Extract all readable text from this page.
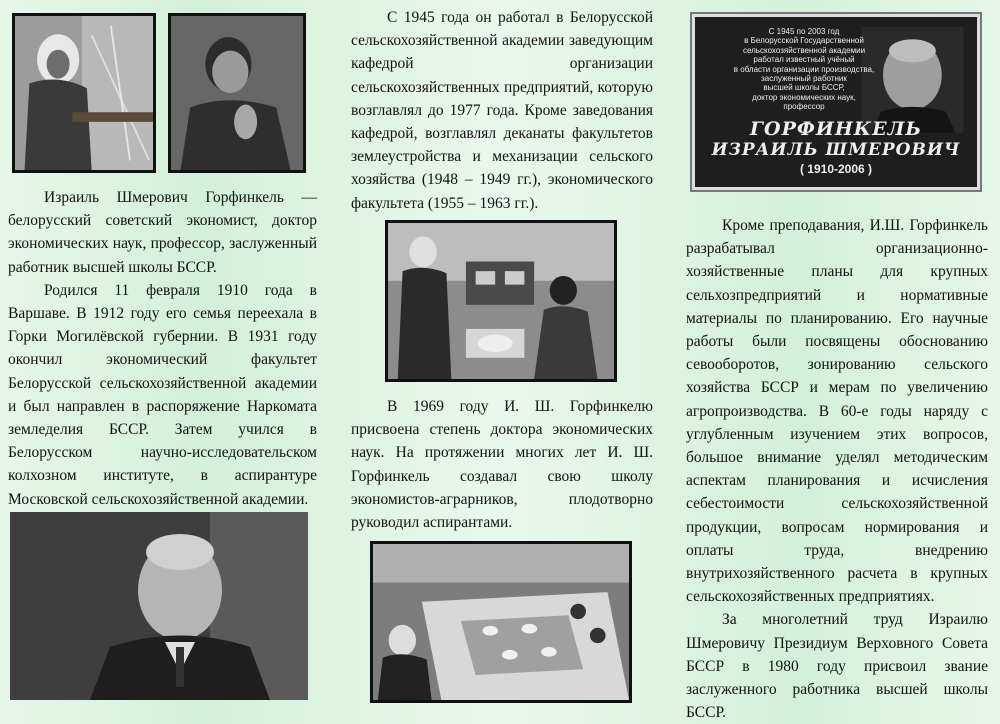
Израиль Шмерович Горфинкель — белорусский советский экономист, доктор экономических наук, профессор, заслуженный работник высшей школы БССР.

Родился 11 февраля 1910 года в Варшаве. В 1912 году его семья переехала в Горки Могилёвской губернии. В 1931 году окончил экономический факультет Белорусской сельскохозяйственной академии и был направлен в распоряжение Наркомата земледелия БССР. Затем учился в Белорусском научно-исследовательском колхозном институте, в аспирантуре Московской сельскохозяйственной академии.

С 1945 года он работал в Белорусской сельскохозяйственной академии заведующим кафедрой организации сельскохозяйственных предприятий, которую возглавлял до 1977 года. Кроме заведования кафедрой, возглавлял деканаты факультетов землеустройства и механизации сельского хозяйства (1948 – 1949 гг.), экономического факультета (1955 – 1963 гг.).

В 1969 году И. Ш. Горфинкелю присвоена степень доктора экономических наук. На протяжении многих лет И. Ш. Горфинкель создавал свою школу экономистов-аграрников, плодотворно руководил аспирантами.

С 1945 по 2003 год
в Белорусской Государственной
сельскохозяйственной академии
работал известный учёный
в области организации производства,
заслуженный работник
высшей школы БССР,
доктор экономических наук,
профессор
ГОРФИНКЕЛЬ
ИЗРАИЛЬ ШМЕРОВИЧ
( 1910-2006 )

Кроме преподавания, И.Ш. Горфинкель разрабатывал организационно-хозяйственные планы для крупных сельхозпредприятий и нормативные материалы по планированию. Его научные работы были посвящены обоснованию севооборотов, зонированию сельского хозяйства БССР и мерам по увеличению агропроизводства. В 60-е годы наряду с углубленным изучением этих вопросов, большое внимание уделял методическим аспектам планирования и исчисления себестоимости сельскохозяйственной продукции, вопросам нормирования и оплаты труда, внедрению внутрихозяйственного расчета в крупных сельскохозяйственных предприятиях.

За многолетний труд Израилю Шмеровичу Президиум Верховного Совета БССР в 1980 году присвоил звание заслуженного работника высшей школы БССР.
